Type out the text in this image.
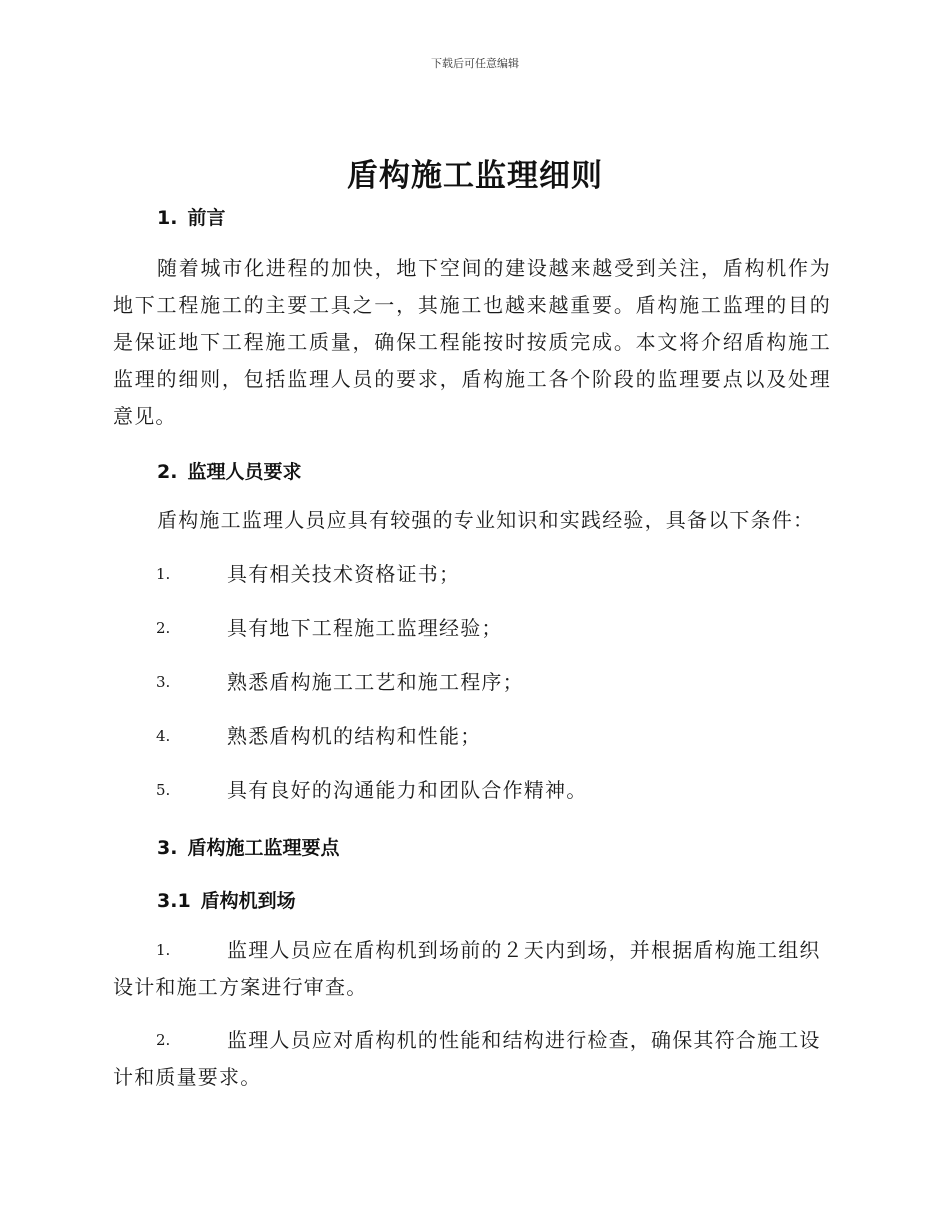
下载后可任意编辑
盾构施工监理细则
1. 前言
随着城市化进程的加快，地下空间的建设越来越受到关注，盾构机作为地下工程施工的主要工具之一，其施工也越来越重要。盾构施工监理的目的是保证地下工程施工质量，确保工程能按时按质完成。本文将介绍盾构施工监理的细则，包括监理人员的要求，盾构施工各个阶段的监理要点以及处理意见。
2. 监理人员要求
盾构施工监理人员应具有较强的专业知识和实践经验，具备以下条件：
1.	具有相关技术资格证书；
2.	具有地下工程施工监理经验；
3.	熟悉盾构施工工艺和施工程序；
4.	熟悉盾构机的结构和性能；
5.	具有良好的沟通能力和团队合作精神。
3. 盾构施工监理要点
3.1 盾构机到场
1.	监理人员应在盾构机到场前的２天内到场，并根据盾构施工组织设计和施工方案进行审查。
2.	监理人员应对盾构机的性能和结构进行检查，确保其符合施工设计和质量要求。
